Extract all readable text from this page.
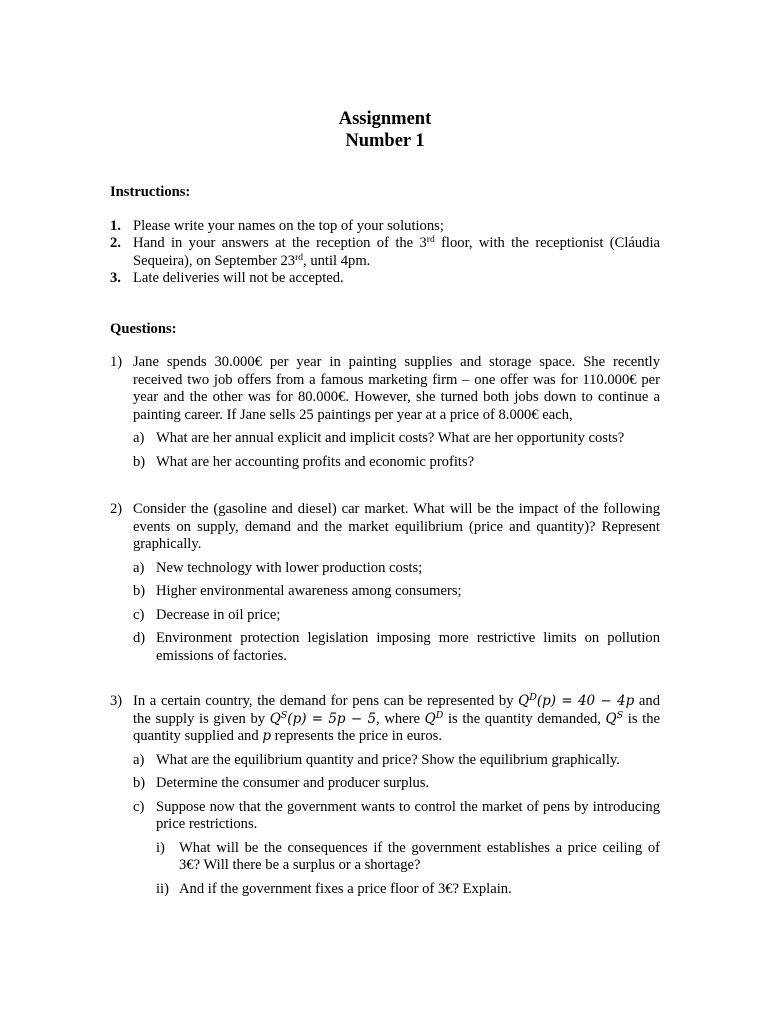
Assignment
Number 1
Instructions:
1. Please write your names on the top of your solutions;
2. Hand in your answers at the reception of the 3rd floor, with the receptionist (Cláudia Sequeira), on September 23rd, until 4pm.
3. Late deliveries will not be accepted.
Questions:
1) Jane spends 30.000€ per year in painting supplies and storage space. She recently received two job offers from a famous marketing firm – one offer was for 110.000€ per year and the other was for 80.000€. However, she turned both jobs down to continue a painting career. If Jane sells 25 paintings per year at a price of 8.000€ each,
a) What are her annual explicit and implicit costs? What are her opportunity costs?
b) What are her accounting profits and economic profits?
2) Consider the (gasoline and diesel) car market. What will be the impact of the following events on supply, demand and the market equilibrium (price and quantity)? Represent graphically.
a) New technology with lower production costs;
b) Higher environmental awareness among consumers;
c) Decrease in oil price;
d) Environment protection legislation imposing more restrictive limits on pollution emissions of factories.
3) In a certain country, the demand for pens can be represented by $Q^D(p) = 40 - 4p$ and the supply is given by $Q^S(p) = 5p - 5$, where $Q^D$ is the quantity demanded, $Q^S$ is the quantity supplied and p represents the price in euros.
a) What are the equilibrium quantity and price? Show the equilibrium graphically.
b) Determine the consumer and producer surplus.
c) Suppose now that the government wants to control the market of pens by introducing price restrictions.
i) What will be the consequences if the government establishes a price ceiling of 3€? Will there be a surplus or a shortage?
ii) And if the government fixes a price floor of 3€? Explain.
